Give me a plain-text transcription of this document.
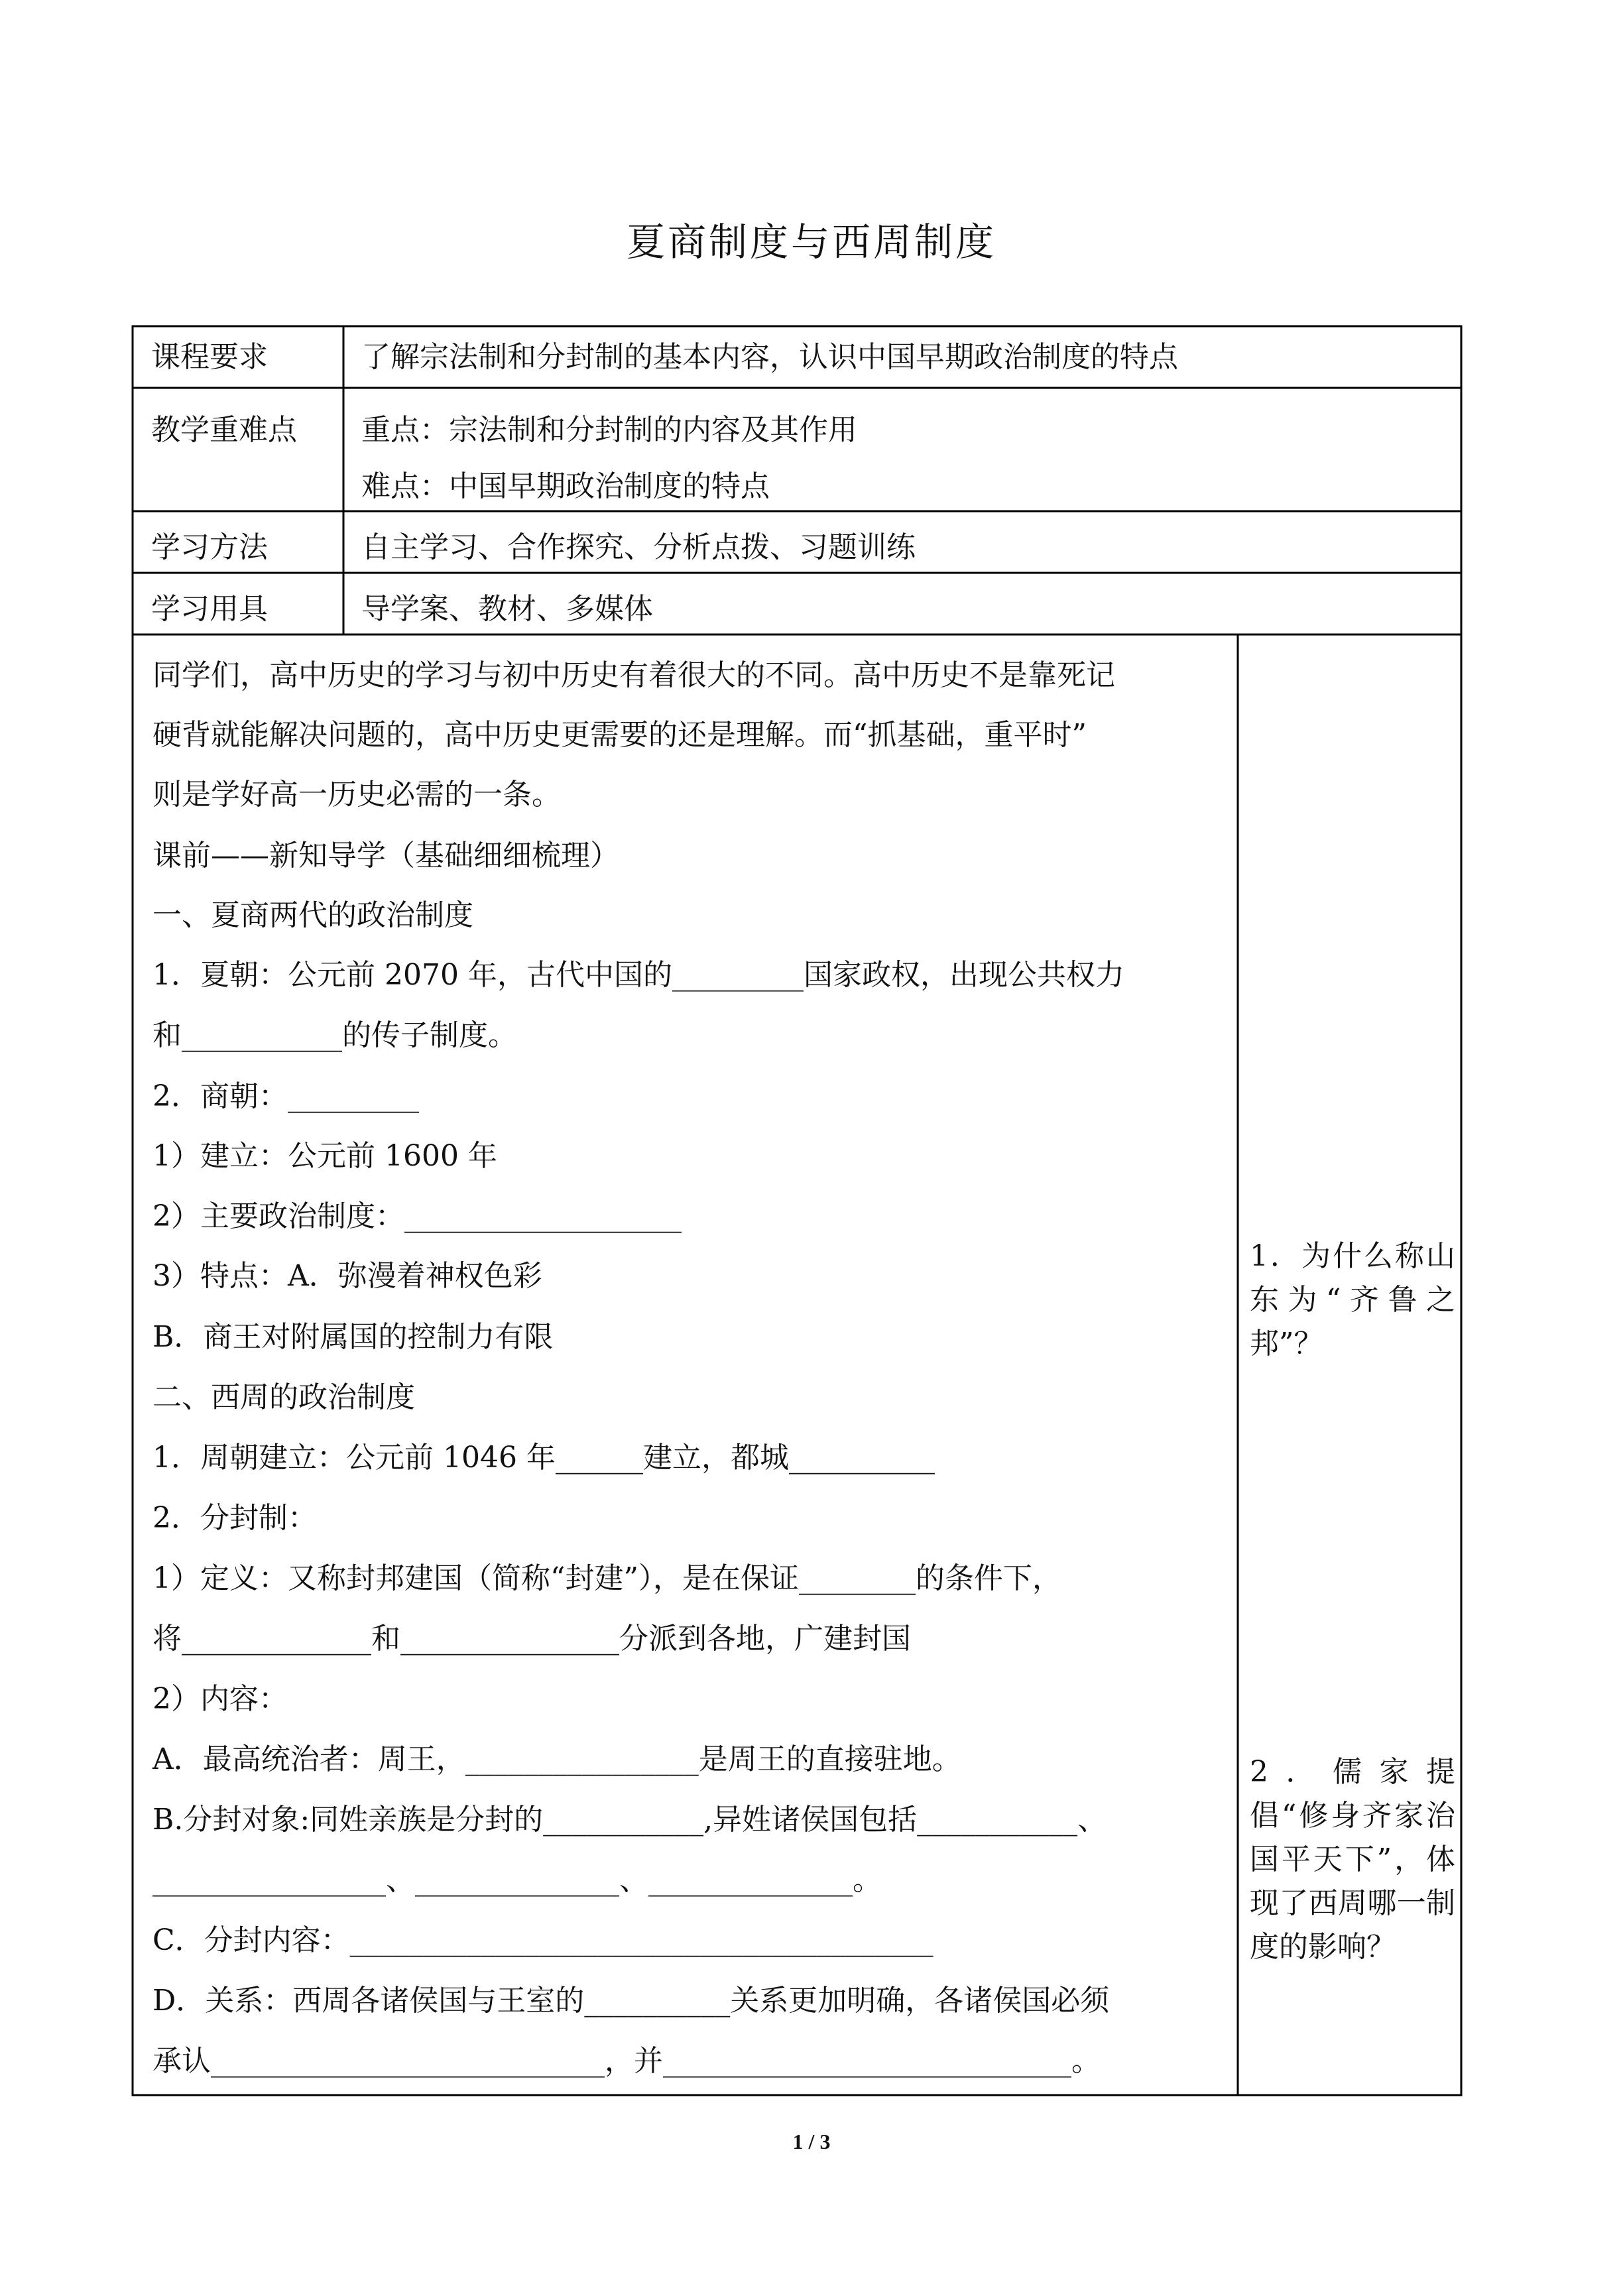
夏商制度与西周制度
课程要求	了解宗法制和分封制的基本内容，认识中国早期政治制度的特点
教学重难点 重点：宗法制和分封制的内容及其作用
难点：中国早期政治制度的特点
学习方法	自主学习、合作探究、分析点拨、习题训练
学习用具	导学案、教材、多媒体
同学们，高中历史的学习与初中历史有着很大的不同。高中历史不是靠死记
硬背就能解决问题的，高中历史更需要的还是理解。而“抓基础，重平时”
则是学好高一历史必需的一条。
课前——新知导学（基础细细梳理）
一、夏商两代的政治制度
1．夏朝：公元前 2070 年，古代中国的_________国家政权，出现公共权力
和___________的传子制度。
2．商朝：_________
1）建立：公元前 1600 年
2）主要政治制度：___________________
3）特点：A．弥漫着神权色彩
B．商王对附属国的控制力有限
二、西周的政治制度
1．周朝建立：公元前 1046 年______建立，都城__________
2．分封制：
1）定义：又称封邦建国（简称“封建”），是在保证________的条件下，
将_____________和_______________分派到各地，广建封国
2）内容：
A．最高统治者：周王，________________是周王的直接驻地。
B.分封对象:同姓亲族是分封的___________,异姓诸侯国包括___________、
________________、______________、______________。
C．分封内容：________________________________________
D．关系：西周各诸侯国与王室的__________关系更加明确，各诸侯国必须
承认___________________________，并____________________________。
1．为什么称山东为“齐鲁之邦”？
2．儒家提倡“修身齐家治国平天下”，体现了西周哪一制度的影响？
1 / 3
